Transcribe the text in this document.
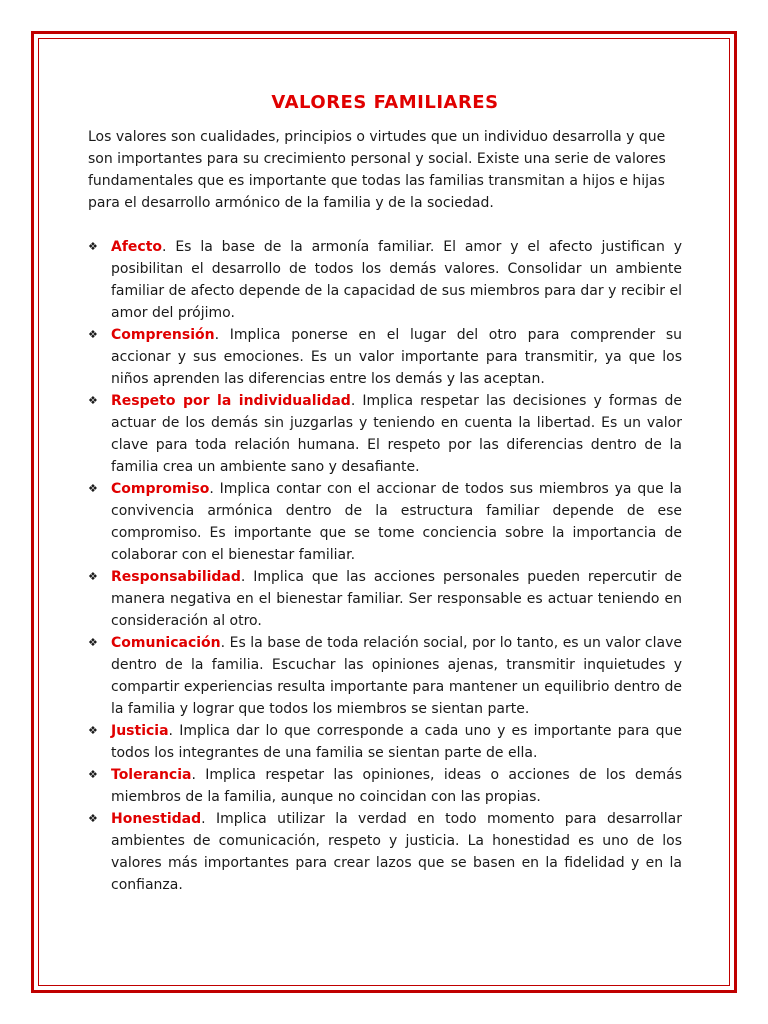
VALORES FAMILIARES

Los valores son cualidades, principios o virtudes que un individuo desarrolla y que son importantes para su crecimiento personal y social. Existe una serie de valores fundamentales que es importante que todas las familias transmitan a hijos e hijas para el desarrollo armónico de la familia y de la sociedad.

❖ Afecto. Es la base de la armonía familiar. El amor y el afecto justifican y posibilitan el desarrollo de todos los demás valores. Consolidar un ambiente familiar de afecto depende de la capacidad de sus miembros para dar y recibir el amor del prójimo.
❖ Comprensión. Implica ponerse en el lugar del otro para comprender su accionar y sus emociones. Es un valor importante para transmitir, ya que los niños aprenden las diferencias entre los demás y las aceptan.
❖ Respeto por la individualidad. Implica respetar las decisiones y formas de actuar de los demás sin juzgarlas y teniendo en cuenta la libertad. Es un valor clave para toda relación humana. El respeto por las diferencias dentro de la familia crea un ambiente sano y desafiante.
❖ Compromiso. Implica contar con el accionar de todos sus miembros ya que la convivencia armónica dentro de la estructura familiar depende de ese compromiso. Es importante que se tome conciencia sobre la importancia de colaborar con el bienestar familiar.
❖ Responsabilidad. Implica que las acciones personales pueden repercutir de manera negativa en el bienestar familiar. Ser responsable es actuar teniendo en consideración al otro.
❖ Comunicación. Es la base de toda relación social, por lo tanto, es un valor clave dentro de la familia. Escuchar las opiniones ajenas, transmitir inquietudes y compartir experiencias resulta importante para mantener un equilibrio dentro de la familia y lograr que todos los miembros se sientan parte.
❖ Justicia. Implica dar lo que corresponde a cada uno y es importante para que todos los integrantes de una familia se sientan parte de ella.
❖ Tolerancia. Implica respetar las opiniones, ideas o acciones de los demás miembros de la familia, aunque no coincidan con las propias.
❖ Honestidad. Implica utilizar la verdad en todo momento para desarrollar ambientes de comunicación, respeto y justicia. La honestidad es uno de los valores más importantes para crear lazos que se basen en la fidelidad y en la confianza.
